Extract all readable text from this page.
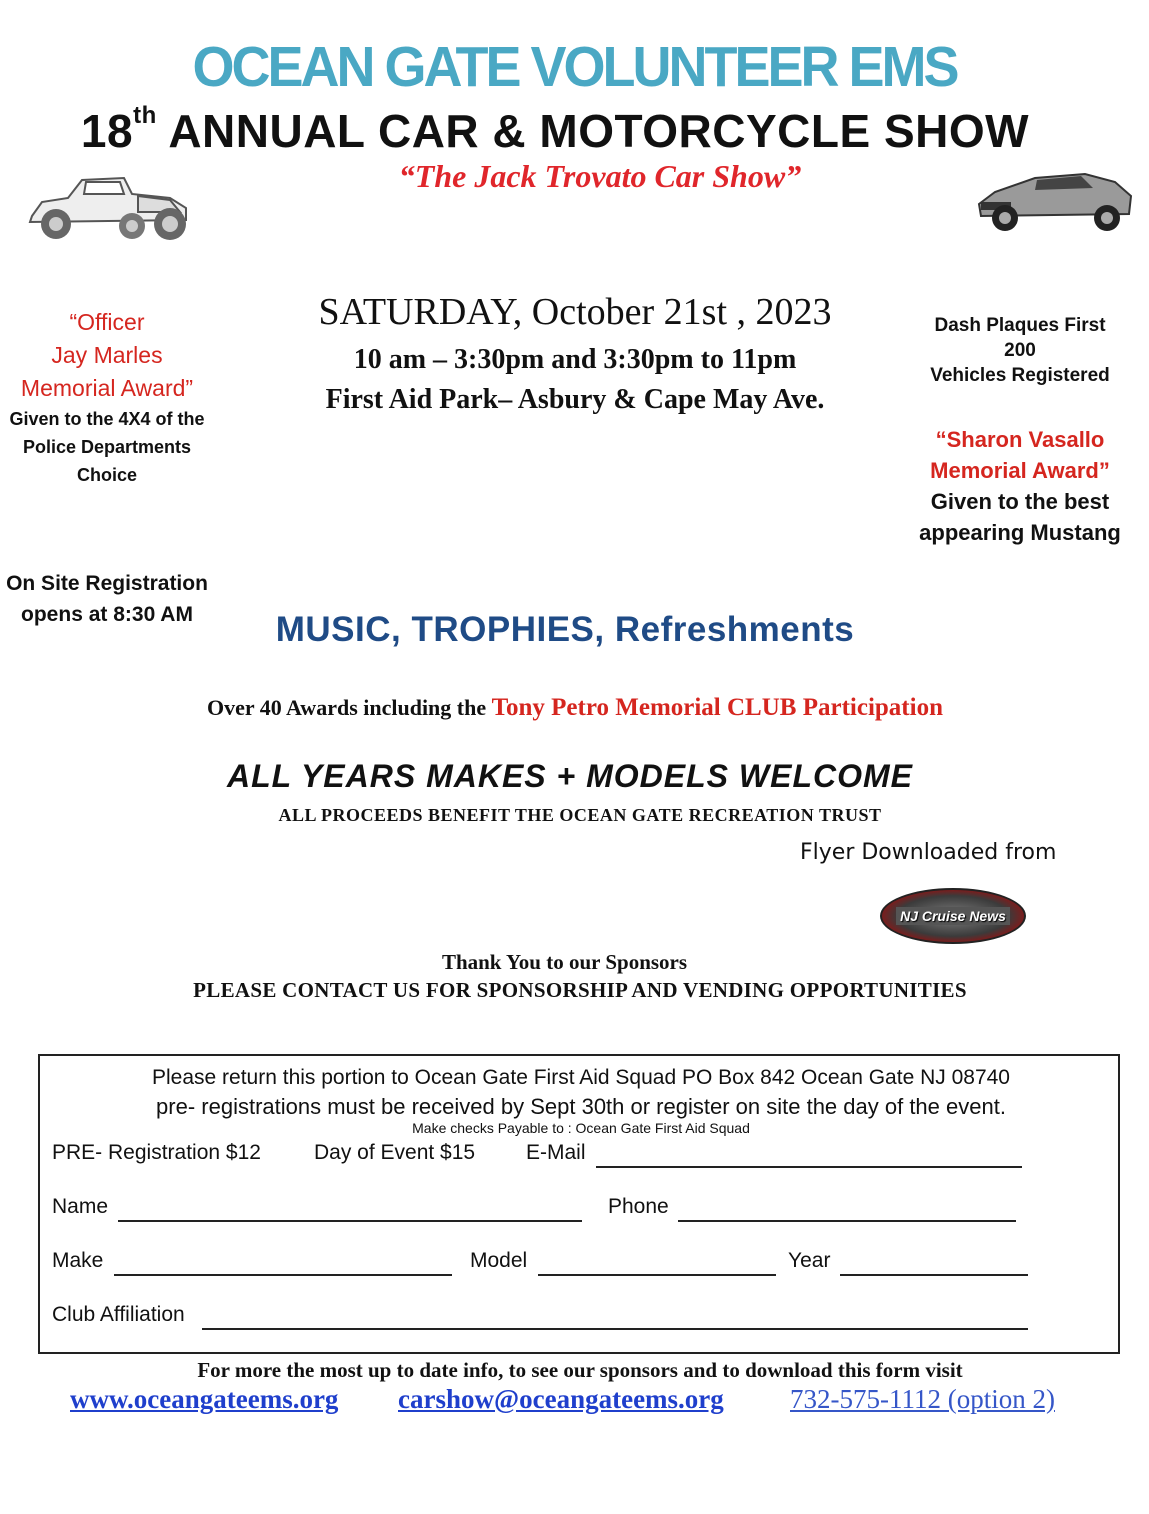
OCEAN GATE VOLUNTEER EMS
18th ANNUAL CAR & MOTORCYCLE SHOW
“The Jack Trovato Car Show”
SATURDAY, October 21st , 2023
10 am – 3:30pm and 3:30pm to 11pm
First Aid Park– Asbury & Cape May Ave.
“Officer
Jay Marles
Memorial Award”
Given to the 4X4 of the
Police Departments
Choice
Dash Plaques First
200
Vehicles Registered
“Sharon Vasallo
Memorial Award”
Given to the best
appearing Mustang
On Site Registration
opens at 8:30 AM	MUSIC, TROPHIES, Refreshments
Over 40 Awards including the Tony Petro Memorial CLUB Participation
ALL YEARS MAKES + MODELS WELCOME
ALL PROCEEDS BENEFIT THE OCEAN GATE RECREATION TRUST
Flyer Downloaded from
NJ Cruise News
Thank You to our Sponsors
PLEASE CONTACT US FOR SPONSORSHIP AND VENDING OPPORTUNITIES
Please return this portion to Ocean Gate First Aid Squad PO Box 842 Ocean Gate NJ 08740
pre- registrations must be received by Sept 30th or register on site the day of the event.
Make checks Payable to : Ocean Gate First Aid Squad
PRE- Registration $12	Day of Event $15 E-Mail
Name	Phone
Make	Model	Year
Club Affiliation
For more the most up to date info, to see our sponsors and to download this form visit
www.oceangateems.org carshow@oceangateems.org 732-575-1112 (option 2)
